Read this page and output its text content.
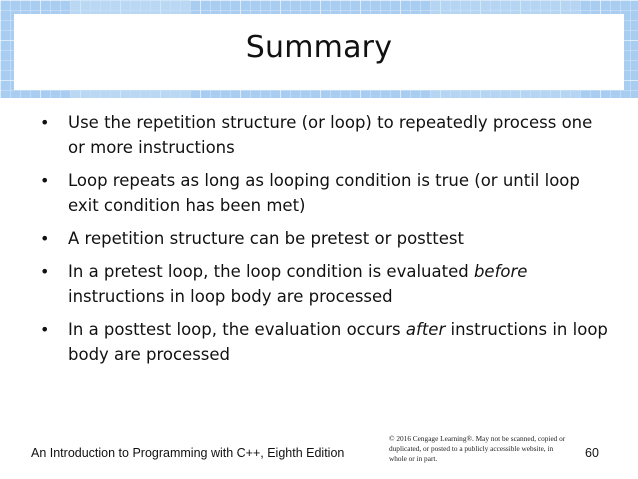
Summary
•	Use the repetition structure (or loop) to repeatedly process one or more instructions
•	Loop repeats as long as looping condition is true (or until loop exit condition has been met)
•	A repetition structure can be pretest or posttest
•	In a pretest loop, the loop condition is evaluated before instructions in loop body are processed
•	In a posttest loop, the evaluation occurs after instructions in loop body are processed
An Introduction to Programming with C++, Eighth Edition
© 2016 Cengage Learning®. May not be scanned, copied or duplicated, or posted to a publicly accessible website, in whole or in part.	60
